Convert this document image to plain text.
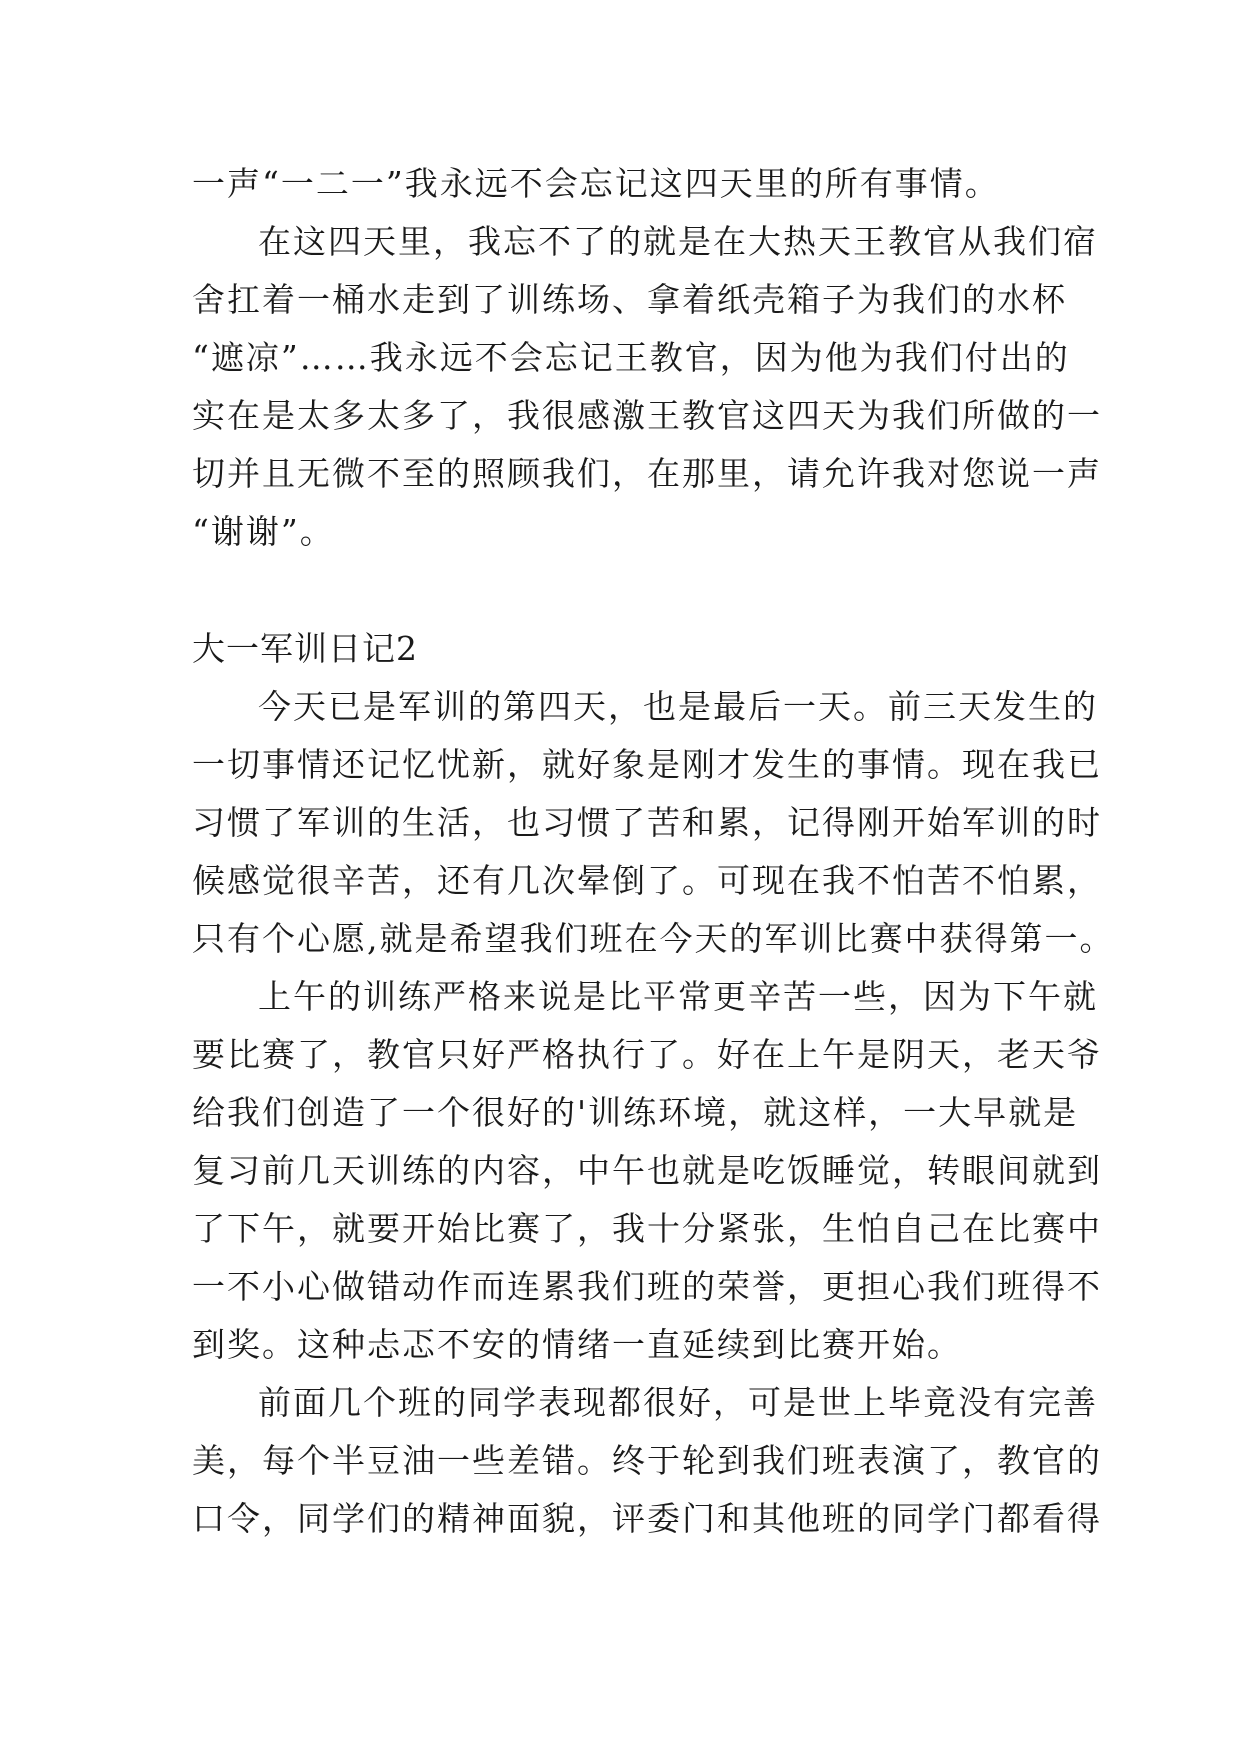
一声“一二一”我永远不会忘记这四天里的所有事情。
在这四天里，我忘不了的就是在大热天王教官从我们宿
舍扛着一桶水走到了训练场、拿着纸壳箱子为我们的水杯
“遮凉”……我永远不会忘记王教官，因为他为我们付出的
实在是太多太多了，我很感激王教官这四天为我们所做的一
切并且无微不至的照顾我们，在那里，请允许我对您说一声
“谢谢”。
大一军训日记2
今天已是军训的第四天，也是最后一天。前三天发生的
一切事情还记忆忧新，就好象是刚才发生的事情。现在我已
习惯了军训的生活，也习惯了苦和累，记得刚开始军训的时
候感觉很辛苦，还有几次晕倒了。可现在我不怕苦不怕累，
只有个心愿,就是希望我们班在今天的军训比赛中获得第一。
上午的训练严格来说是比平常更辛苦一些，因为下午就
要比赛了，教官只好严格执行了。好在上午是阴天，老天爷
给我们创造了一个很好的'训练环境，就这样，一大早就是
复习前几天训练的内容，中午也就是吃饭睡觉，转眼间就到
了下午，就要开始比赛了，我十分紧张，生怕自己在比赛中
一不小心做错动作而连累我们班的荣誉，更担心我们班得不
到奖。这种忐忑不安的情绪一直延续到比赛开始。
前面几个班的同学表现都很好，可是世上毕竟没有完善
美，每个半豆油一些差错。终于轮到我们班表演了，教官的
口令，同学们的精神面貌，评委门和其他班的同学门都看得
